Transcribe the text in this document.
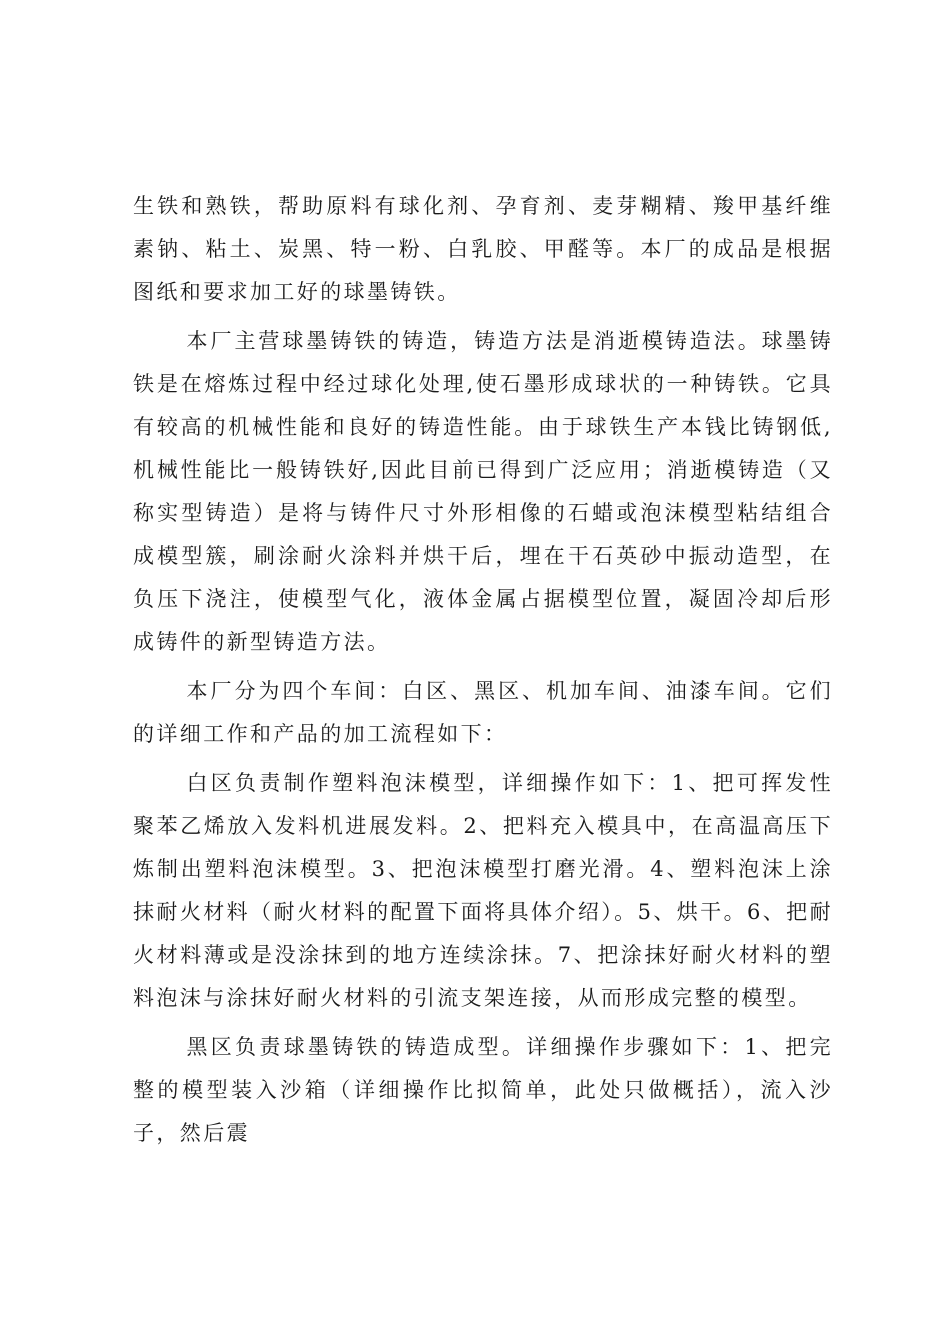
生铁和熟铁，帮助原料有球化剂、孕育剂、麦芽糊精、羧甲基纤维素钠、粘土、炭黑、特一粉、白乳胶、甲醛等。本厂的成品是根据图纸和要求加工好的球墨铸铁。

本厂主营球墨铸铁的铸造，铸造方法是消逝模铸造法。球墨铸铁是在熔炼过程中经过球化处理,使石墨形成球状的一种铸铁。它具有较高的机械性能和良好的铸造性能。由于球铁生产本钱比铸钢低,机械性能比一般铸铁好,因此目前已得到广泛应用；消逝模铸造（又称实型铸造）是将与铸件尺寸外形相像的石蜡或泡沫模型粘结组合成模型簇，刷涂耐火涂料并烘干后，埋在干石英砂中振动造型，在负压下浇注，使模型气化，液体金属占据模型位置，凝固冷却后形成铸件的新型铸造方法。

本厂分为四个车间：白区、黑区、机加车间、油漆车间。它们的详细工作和产品的加工流程如下：

白区负责制作塑料泡沫模型，详细操作如下：1、把可挥发性聚苯乙烯放入发料机进展发料。2、把料充入模具中，在高温高压下炼制出塑料泡沫模型。3、把泡沫模型打磨光滑。4、塑料泡沫上涂抹耐火材料（耐火材料的配置下面将具体介绍）。5、烘干。6、把耐火材料薄或是没涂抹到的地方连续涂抹。7、把涂抹好耐火材料的塑料泡沫与涂抹好耐火材料的引流支架连接，从而形成完整的模型。

黑区负责球墨铸铁的铸造成型。详细操作步骤如下：1、把完整的模型装入沙箱（详细操作比拟简单，此处只做概括），流入沙子，然后震
